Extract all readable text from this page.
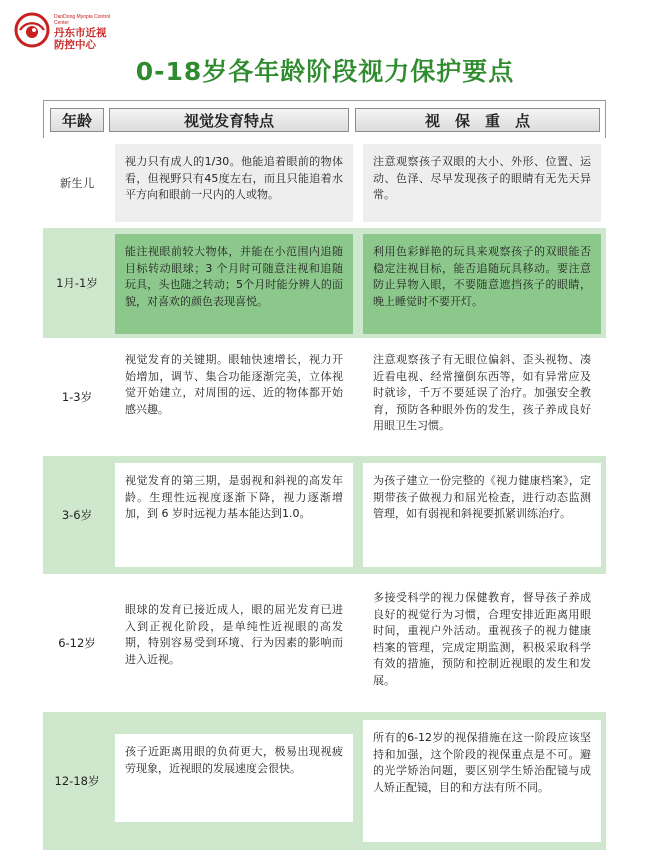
DanDong Myopia Control Center
丹东市近视
防控中心
0-18岁各年龄阶段视力保护要点
年龄	视觉发育特点	视　保　重　点
新生儿
视力只有成人的1/30。他能追着眼前的物体看，但视野只有45度左右，而且只能追着水平方向和眼前一尺内的人或物。
注意观察孩子双眼的大小、外形、位置、运动、色泽、尽早发现孩子的眼睛有无先天异常。
1月-1岁
能注视眼前较大物体，并能在小范围内追随目标转动眼球；3 个月时可随意注视和追随玩具，头也随之转动；5个月时能分辨人的面貌，对喜欢的颜色表现喜悦。
利用色彩鲜艳的玩具来观察孩子的双眼能否稳定注视目标，能否追随玩具移动。要注意防止异物入眼，不要随意遮挡孩子的眼睛，晚上睡觉时不要开灯。
1-3岁
视觉发育的关键期。眼轴快速增长，视力开始增加，调节、集合功能逐渐完美，立体视觉开始建立，对周围的远、近的物体都开始感兴趣。
注意观察孩子有无眼位偏斜、歪头视物、凑近看电视、经常撞倒东西等，如有异常应及时就诊，千万不要延误了治疗。加强安全教育，预防各种眼外伤的发生，孩子养成良好用眼卫生习惯。
3-6岁
视觉发育的第三期，是弱视和斜视的高发年龄。生理性远视度逐渐下降，视力逐渐增加，到 6 岁时远视力基本能达到1.0。
为孩子建立一份完整的《视力健康档案》，定期带孩子做视力和屈光检查，进行动态监测管理，如有弱视和斜视要抓紧训练治疗。
6-12岁
眼球的发育已接近成人，眼的屈光发育已进入到正视化阶段，是单纯性近视眼的高发期，特别容易受到环境、行为因素的影响而进入近视。
多接受科学的视力保健教育，督导孩子养成良好的视觉行为习惯，合理安排近距离用眼时间，重视户外活动。重视孩子的视力健康档案的管理，完成定期监测，积极采取科学有效的措施，预防和控制近视眼的发生和发展。
12-18岁
孩子近距离用眼的负荷更大，极易出现视疲劳现象，近视眼的发展速度会很快。
所有的6-12岁的视保措施在这一阶段应该坚持和加强，这个阶段的视保重点是不可。避的光学矫治问题，要区别学生矫治配镜与成人矫正配镜，目的和方法有所不同。
